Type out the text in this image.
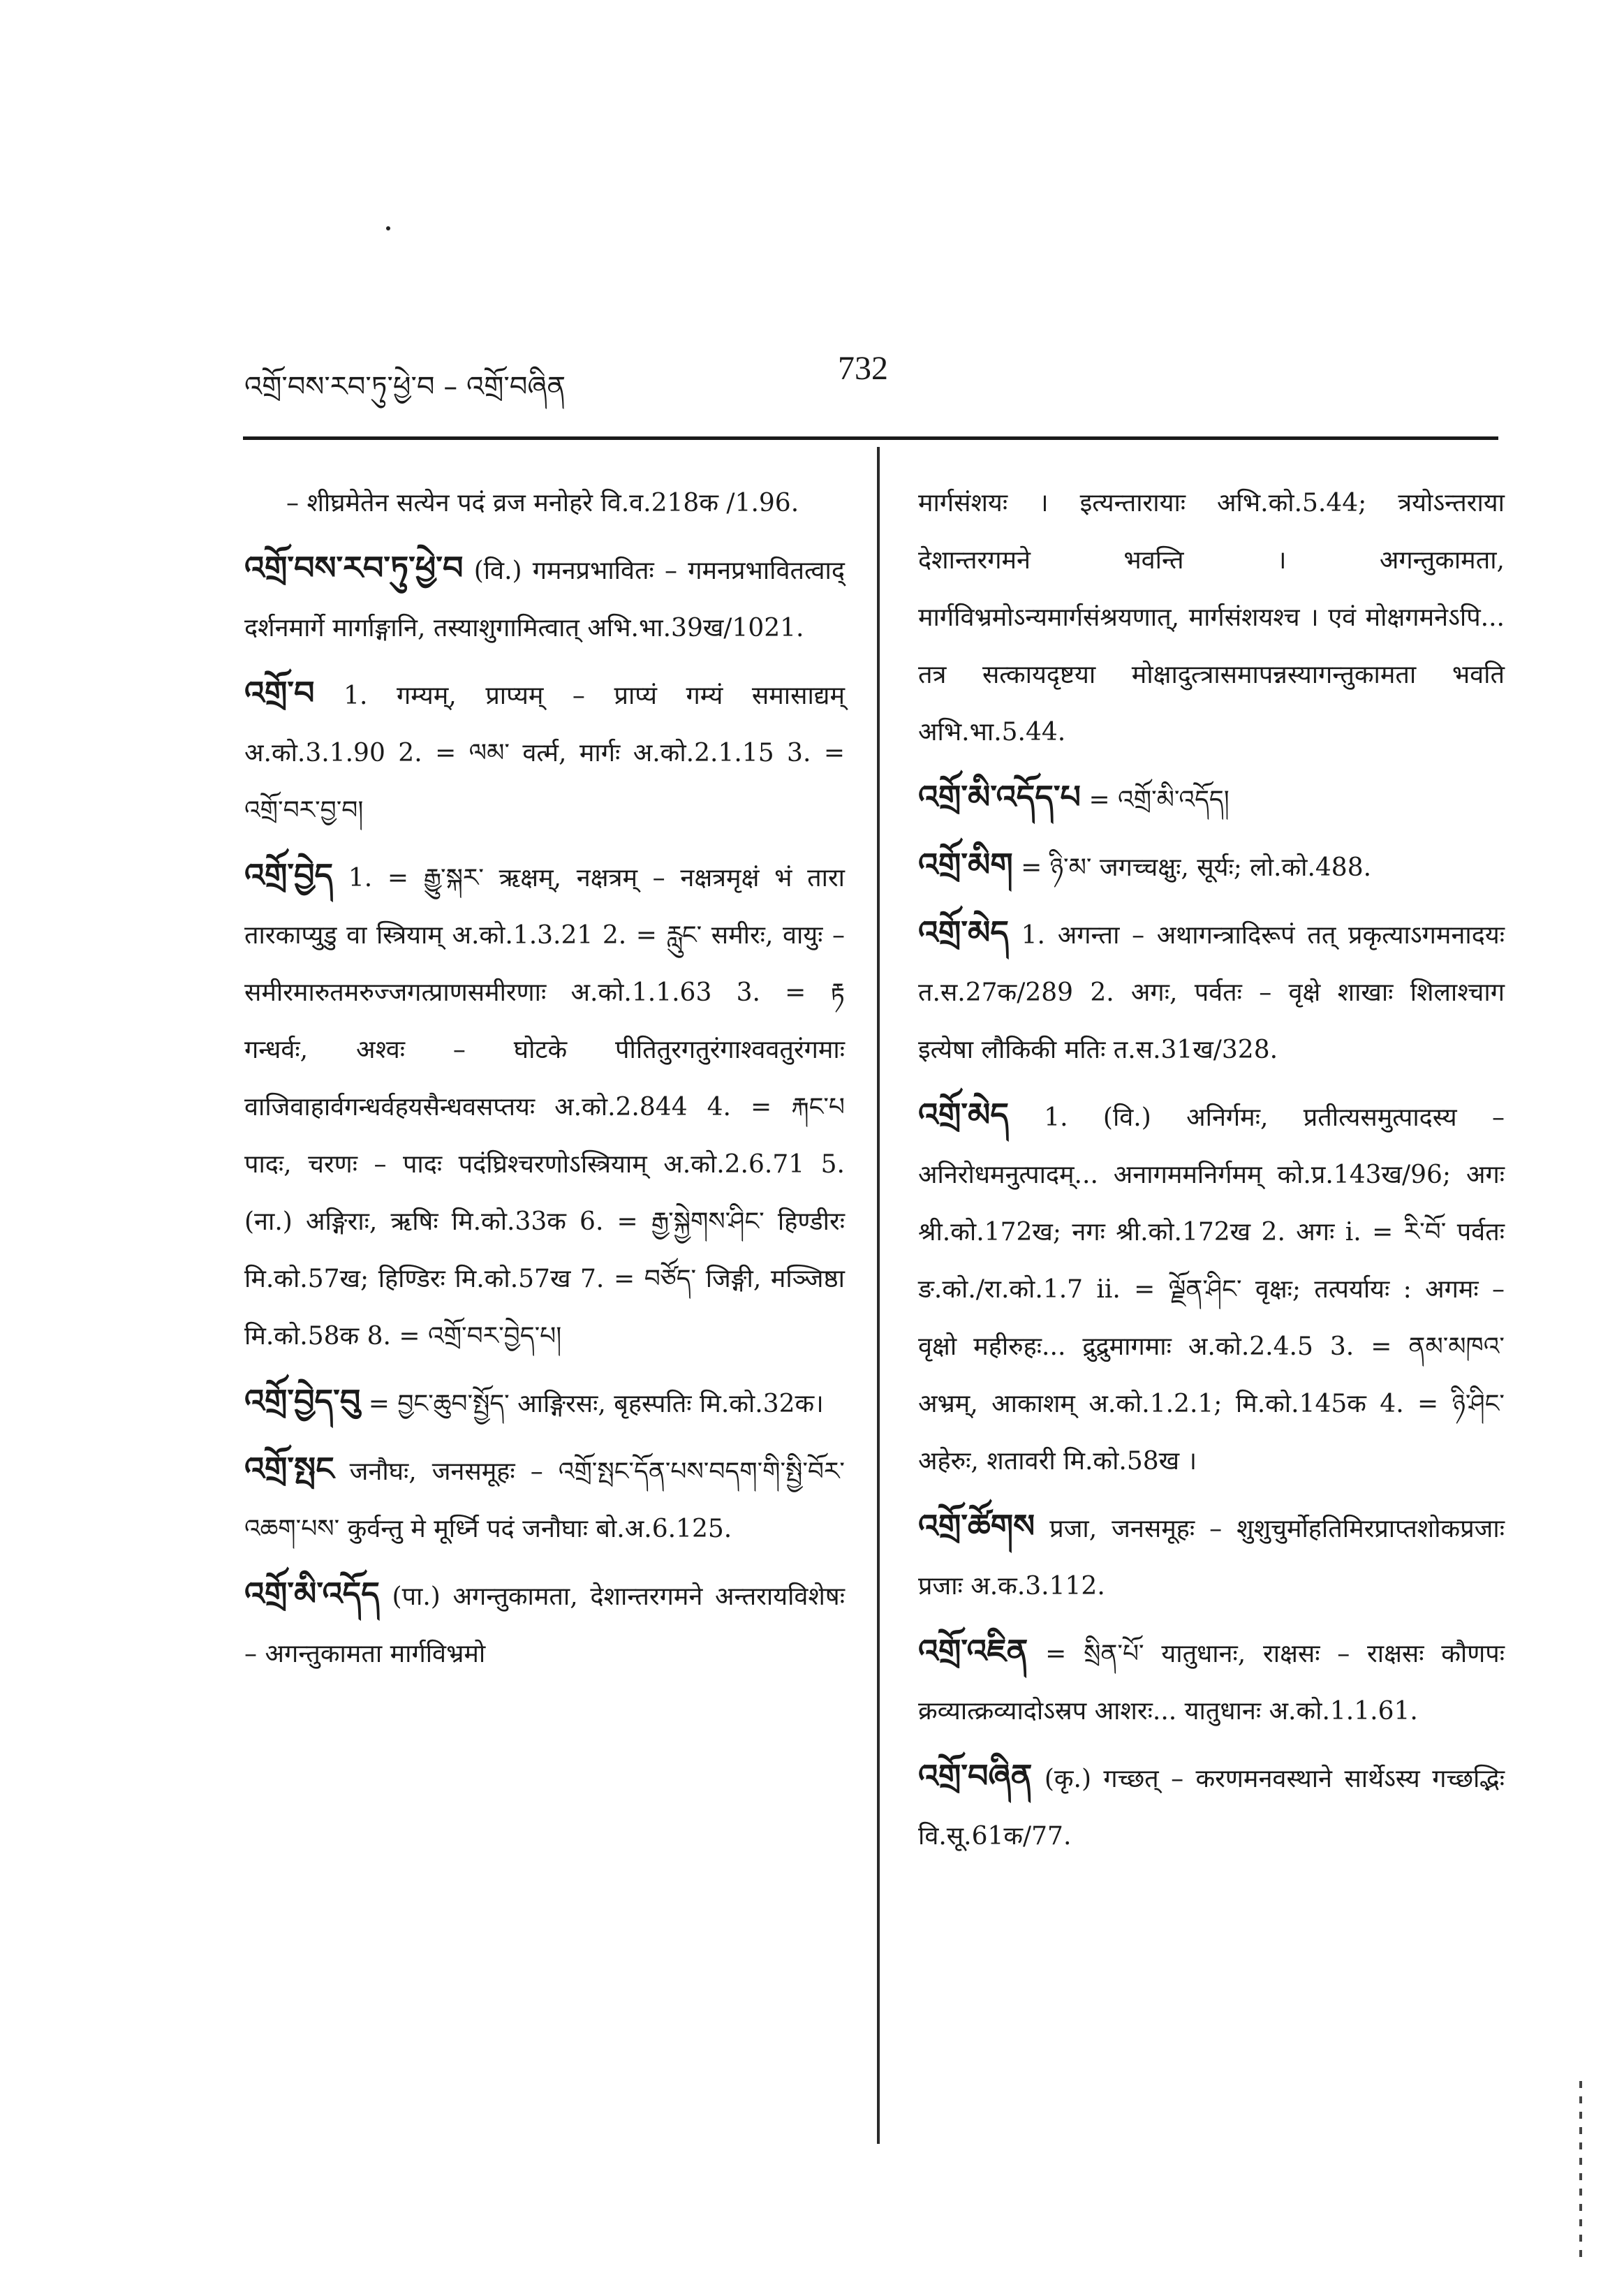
འགྲོ་བས་རབ་ཏུ་ཕྱེ་བ – འགྲོ་བཞིན	732

– शीघ्रमेतेन सत्येन पदं व्रज मनोहरे वि.व.218क /1.96.

འགྲོ་བས་རབ་ཏུ་ཕྱེ་བ (वि.) गमनप्रभावितः – गमनप्रभावितत्वाद् दर्शनमार्गे मार्गाङ्गानि, तस्याशुगामित्वात् अभि.भा.39ख/1021.

འགྲོ་བ 1. गम्यम्, प्राप्यम् – प्राप्यं गम्यं समासाद्यम् अ.को.3.1.90 2. = ལམ་ वर्त्म, मार्गः अ.को.2.1.15 3. = འགྲོ་བར་བྱ་བ།

འགྲོ་བྱེད 1. = རྒྱུ་སྐར་ ऋक्षम्, नक्षत्रम् – नक्षत्रमृक्षं भं तारा तारकाप्युडु वा स्त्रियाम् अ.को.1.3.21 2. = རླུང་ समीरः, वायुः – समीरमारुतमरुज्जगत्प्राणसमीरणाः अ.को.1.1.63 3. = རྟ गन्धर्वः, अश्वः – घोटके पीतितुरगतुरंगाश्ववतुरंगमाः वाजिवाहार्वगन्धर्वहयसैन्धवसप्तयः अ.को.2.844 4. = རྐང་པ पादः, चरणः – पादः पदंघ्रिश्चरणोऽस्त्रियाम् अ.को.2.6.71 5. (ना.) अङ्गिराः, ऋषिः मि.को.33क 6. = རྒྱ་སྐྱེགས་ཤིང་ हिण्डीरः मि.को.57ख; हिण्डिरः मि.को.57ख 7. = བཙོད་ जिङ्गी, मञ्जिष्ठा मि.को.58क 8. = འགྲོ་བར་བྱེད་པ།

འགྲོ་བྱེད་བུ = བྱང་ཆུབ་སྤྱོད་ आङ्गिरसः, बृहस्पतिः मि.को.32क।

འགྲོ་སྤང जनौघः, जनसमूहः – འགྲོ་སྤང་དོན་པས་བདག་གི་སྤྱི་བོར་འཆག་པས་ कुर्वन्तु मे मूर्ध्नि पदं जनौघाः बो.अ.6.125.

འགྲོ་མི་འདོད (पा.) अगन्तुकामता, देशान्तरगमने अन्तरायविशेषः – अगन्तुकामता मार्गविभ्रमो

मार्गसंशयः । इत्यन्तारायाः अभि.को.5.44; त्रयोऽन्तराया देशान्तरगमने भवन्ति । अगन्तुकामता, मार्गविभ्रमोऽन्यमार्गसंश्रयणात्, मार्गसंशयश्च । एवं मोक्षगमनेऽपि... तत्र सत्कायदृष्टया मोक्षादुत्त्रासमापन्नस्यागन्तुकामता भवति अभि.भा.5.44.

འགྲོ་མི་འདོད་པ = འགྲོ་མི་འདོད།

འགྲོ་མིག = ཉི་མ་ जगच्चक्षुः, सूर्यः; लो.को.488.

འགྲོ་མེད 1. अगन्ता – अथागन्त्रादिरूपं तत् प्रकृत्याऽगमनादयः त.स.27क/289 2. अगः, पर्वतः – वृक्षे शाखाः शिलाश्चाग इत्येषा लौकिकी मतिः त.स.31ख/328.

འགྲོ་མེད 1. (वि.) अनिर्गमः, प्रतीत्यसमुत्पादस्य – अनिरोधमनुत्पादम्... अनागममनिर्गमम् को.प्र.143ख/96; अगः श्री.को.172ख; नगः श्री.को.172ख 2. अगः i. = རི་བོ་ पर्वतः ङ.को./रा.को.1.7 ii. = ལྗོན་ཤིང་ वृक्षः; तत्पर्यायः : अगमः – वृक्षो महीरुहः... द्रुद्रुमागमाः अ.को.2.4.5 3. = ནམ་མཁའ་ अभ्रम्, आकाशम् अ.को.1.2.1; मि.को.145क 4. = ཉི་ཤིང་ अहेरुः, शतावरी मि.को.58ख ।

འགྲོ་ཚོགས प्रजा, जनसमूहः – शुशुचुर्मोहतिमिरप्राप्तशोकप्रजाः प्रजाः अ.क.3.112.

འགྲོ་འཇིན = སྲིན་པོ་ यातुधानः, राक्षसः – राक्षसः कौणपः क्रव्यात्क्रव्यादोऽस्रप आशरः... यातुधानः अ.को.1.1.61.

འགྲོ་བཞིན (कृ.) गच्छत् – करणमनवस्थाने सार्थेऽस्य गच्छद्भिः वि.सू.61क/77.
